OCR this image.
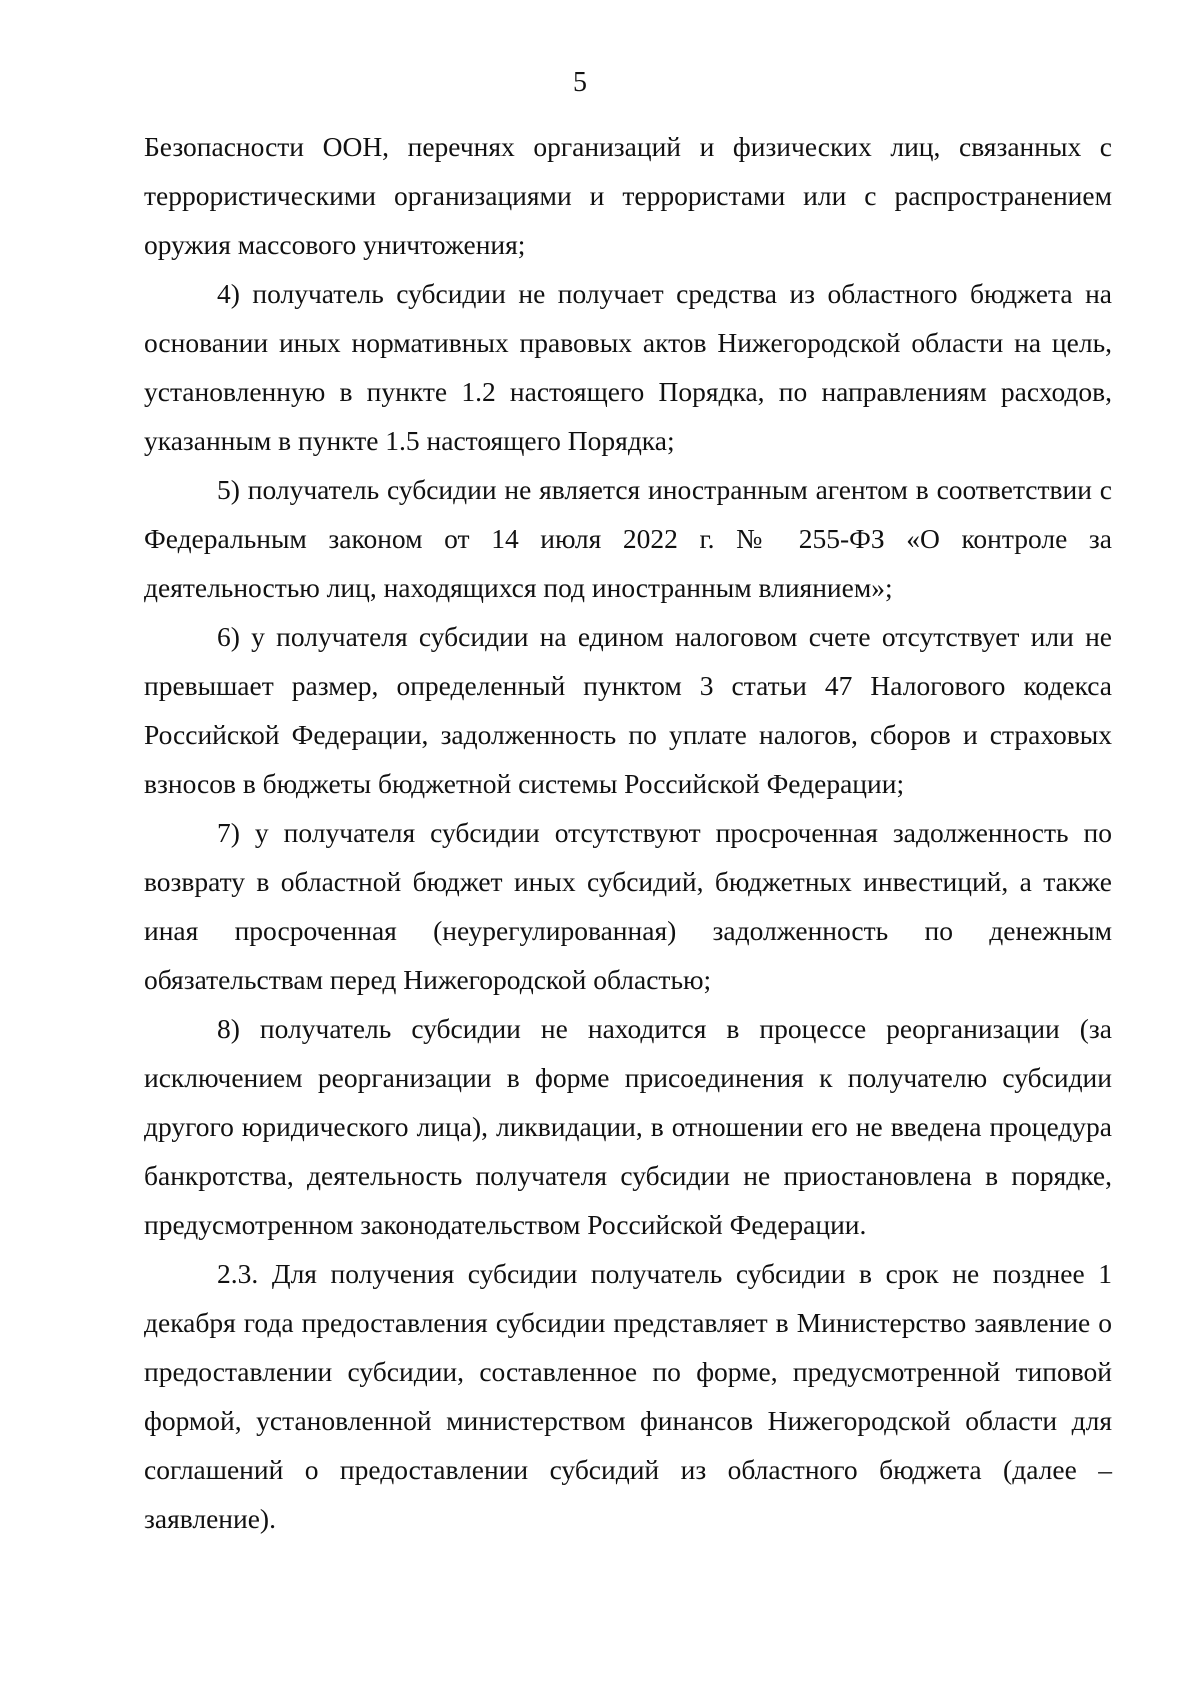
5

Безопасности ООН, перечнях организаций и физических лиц, связанных с террористическими организациями и террористами или с распространением оружия массового уничтожения;

4) получатель субсидии не получает средства из областного бюджета на основании иных нормативных правовых актов Нижегородской области на цель, установленную в пункте 1.2 настоящего Порядка, по направлениям расходов, указанным в пункте 1.5 настоящего Порядка;

5) получатель субсидии не является иностранным агентом в соответствии с Федеральным законом от 14 июля 2022 г. № 255-ФЗ «О контроле за деятельностью лиц, находящихся под иностранным влиянием»;

6) у получателя субсидии на едином налоговом счете отсутствует или не превышает размер, определенный пунктом 3 статьи 47 Налогового кодекса Российской Федерации, задолженность по уплате налогов, сборов и страховых взносов в бюджеты бюджетной системы Российской Федерации;

7) у получателя субсидии отсутствуют просроченная задолженность по возврату в областной бюджет иных субсидий, бюджетных инвестиций, а также иная просроченная (неурегулированная) задолженность по денежным обязательствам перед Нижегородской областью;

8) получатель субсидии не находится в процессе реорганизации (за исключением реорганизации в форме присоединения к получателю субсидии другого юридического лица), ликвидации, в отношении его не введена процедура банкротства, деятельность получателя субсидии не приостановлена в порядке, предусмотренном законодательством Российской Федерации.

2.3. Для получения субсидии получатель субсидии в срок не позднее 1 декабря года предоставления субсидии представляет в Министерство заявление о предоставлении субсидии, составленное по форме, предусмотренной типовой формой, установленной министерством финансов Нижегородской области для соглашений о предоставлении субсидий из областного бюджета (далее – заявление).
